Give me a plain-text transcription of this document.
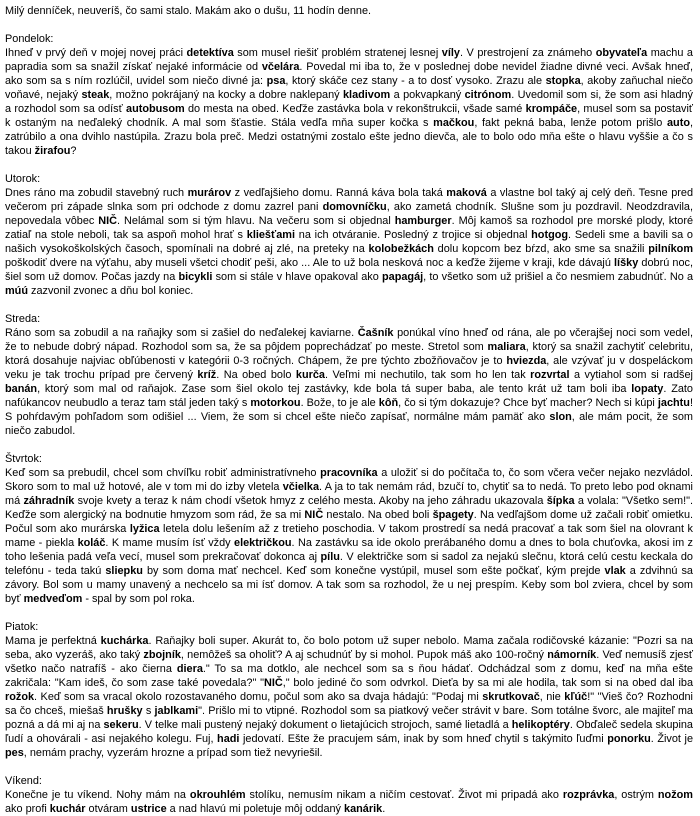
Milý denníček, neuveríš, čo sami stalo. Makám ako o dušu, 11 hodín denne.
Pondelok:
Ihneď v prvý deň v mojej novej práci detektíva som musel riešiť problém stratenej lesnej víly. V prestrojení za známeho obyvateľa machu a papradia som sa snažil získať nejaké informácie od včelára. Povedal mi iba to, že v poslednej dobe nevidel žiadne divné veci. Avšak hneď, ako som sa s ním rozlúčil, uvidel som niečo divné ja: psa, ktorý skáče cez stany - a to dosť vysoko. Zrazu ale stopka, akoby zaňuchal niečo voňavé, nejaký steak, možno pokrájaný na kocky a dobre naklepaný kladivom a pokvapkaný citrónom. Uvedomil som si, že som asi hladný a rozhodol som sa odísť autobusom do mesta na obed. Keďže zastávka bola v rekonštrukcii, všade samé krompáče, musel som sa postaviť k ostaným na neďaleký chodník. A mal som šťastie. Stála vedľa mňa super kočka s mačkou, fakt pekná baba, lenže potom prišlo auto, zatrúbilo a ona dvihlo nastúpila. Zrazu bola preč. Medzi ostatnými zostalo ešte jedno dievča, ale to bolo odo mňa ešte o hlavu vyššie a čo s takou žirafou?
Utorok:
Dnes ráno ma zobudil stavebný ruch murárov z vedľajšieho domu. Ranná káva bola taká maková a vlastne bol taký aj celý deň. Tesne pred večerom pri západe slnka som pri odchode z domu zazrel pani domovníčku, ako zametá chodník. Slušne som ju pozdravil. Neodzdravila, nepovedala vôbec NIČ. Nelámal som si tým hlavu. Na večeru som si objednal hamburger. Môj kamoš sa rozhodol pre morské plody, ktoré zatiaľ na stole neboli, tak sa aspoň mohol hrať s kliešťami na ich otváranie. Posledný z trojice si objednal hotgog. Sedeli sme a bavili sa o našich vysokoškolských časoch, spomínali na dobré aj zlé, na preteky na kolobežkách dolu kopcom bez bŕzd, ako sme sa snažili pilníkom poškodiť dvere na výťahu, aby museli všetci chodiť peši, ako ... Ale to už bola nesková noc a keďže žijeme v kraji, kde dávajú líšky dobrú noc, šiel som už domov. Počas jazdy na bicykli som si stále v hlave opakoval ako papagáj, to všetko som už prišiel a čo nesmiem zabudnúť. No a múú zazvonil zvonec a dňu bol koniec.
Streda:
Ráno som sa zobudil a na raňajky som si zašiel do neďalekej kaviarne. Čašník ponúkal víno hneď od rána, ale po včerajšej noci som vedel, že to nebude dobrý nápad. Rozhodol som sa, že sa pôjdem poprechádzať po meste. Stretol som maliara, ktorý sa snažil zachytiť celebritu, ktorá dosahuje najviac obľúbenosti v kategórii 0-3 ročných. Chápem, že pre týchto zbožňovačov je to hviezda, ale vzývať ju v dospeláckom veku je tak trochu prípad pre červený kríž. Na obed bolo kurča. Veľmi mi nechutilo, tak som ho len tak rozvrtal a vytiahol som si radšej banán, ktorý som mal od raňajok. Zase som šiel okolo tej zastávky, kde bola tá super baba, ale tento krát už tam boli iba lopaty. Zato nafúkancov neubudlo a teraz tam stál jeden taký s motorkou. Bože, to je ale kôň, čo si tým dokazuje? Chce byť macher? Nech si kúpi jachtu! S pohŕdavým pohľadom som odišiel ... Viem, že som si chcel ešte niečo zapísať, normálne mám pamäť ako slon, ale mám pocit, že som niečo zabudol.
Štvrtok:
Keď som sa prebudil, chcel som chvíľku robiť administratívneho pracovníka a uložiť si do počítača to, čo som včera večer nejako nezvládol. Skoro som to mal už hotové, ale v tom mi do izby vletela včielka. A ja to tak nemám rád, bzučí to, chytiť sa to nedá. To preto lebo pod oknami má záhradník svoje kvety a teraz k nám chodí všetok hmyz z celého mesta. Akoby na jeho záhradu ukazovala šípka a volala: "Všetko sem!". Keďže som alergický na bodnutie hmyzom som rád, že sa mi NIČ nestalo. Na obed boli špagety. Na vedľajšom dome už začali robiť omietku. Počul som ako murárska lyžica letela dolu lešením až z tretieho poschodia. V takom prostredí sa nedá pracovať a tak som šiel na olovrant k mame - piekla koláč. K mame musím ísť vždy električkou. Na zastávku sa ide okolo prerábaného domu a dnes to bola chuťovka, akosi im z toho lešenia padá veľa vecí, musel som prekračovať dokonca aj pílu. V električke som si sadol za nejakú slečnu, ktorá celú cestu keckala do telefónu - teda takú sliepku by som doma mať nechcel. Keď som konečne vystúpil, musel som ešte počkať, kým prejde vlak a zdvihnú sa závory. Bol som u mamy unavený a nechcelo sa mi ísť domov. A tak som sa rozhodol, že u nej prespím. Keby som bol zviera, chcel by som byť medveďom - spal by som pol roka.
Piatok:
Mama je perfektná kuchárka. Raňajky boli super. Akurát to, čo bolo potom už super nebolo. Mama začala rodičovské kázanie: "Pozri sa na seba, ako vyzeráš, ako taký zbojník, nemôžeš sa oholiť? A aj schudnúť by si mohol. Pupok máš ako 100-ročný námorník. Veď nemusíš zjesť všetko načo natrafíš - ako čierna diera." To sa ma dotklo, ale nechcel som sa s ňou hádať. Odchádzal som z domu, keď na mňa ešte zakričala: "Kam ideš, čo som zase také povedala?" "NIČ," bolo jediné čo som odvrkol. Dieťa by sa mi ale hodila, tak som si na obed dal iba rožok. Keď som sa vracal okolo rozostavaného domu, počul som ako sa dvaja hádajú: "Podaj mi skrutkovač, nie kľúč!" "Vieš čo? Rozhodni sa čo chceš, miešaš hrušky s jablkami". Prišlo mi to vtipné. Rozhodol som sa piatkový večer strávit v bare. Som totálne švorc, ale majiteľ ma pozná a dá mi aj na sekeru. V telke mali pustený nejaký dokument o lietajúcich strojoch, samé lietadlá a helikoptéry. Obďaleč sedela skupina ľudí a ohovárali - asi nejakého kolegu. Fuj, hadi jedovatí. Ešte že pracujem sám, inak by som hneď chytil s takýmito ľuďmi ponorku. Život je pes, nemám prachy, vyzerám hrozne a prípad som tiež nevyriešil.
Víkend:
Konečne je tu víkend. Nohy mám na okrouhlém stolíku, nemusím nikam a ničím cestovať. Život mi pripadá ako rozprávka, ostrým nožom ako profi kuchár otváram ustrice a nad hlavú mi poletuje môj oddaný kanárik.
